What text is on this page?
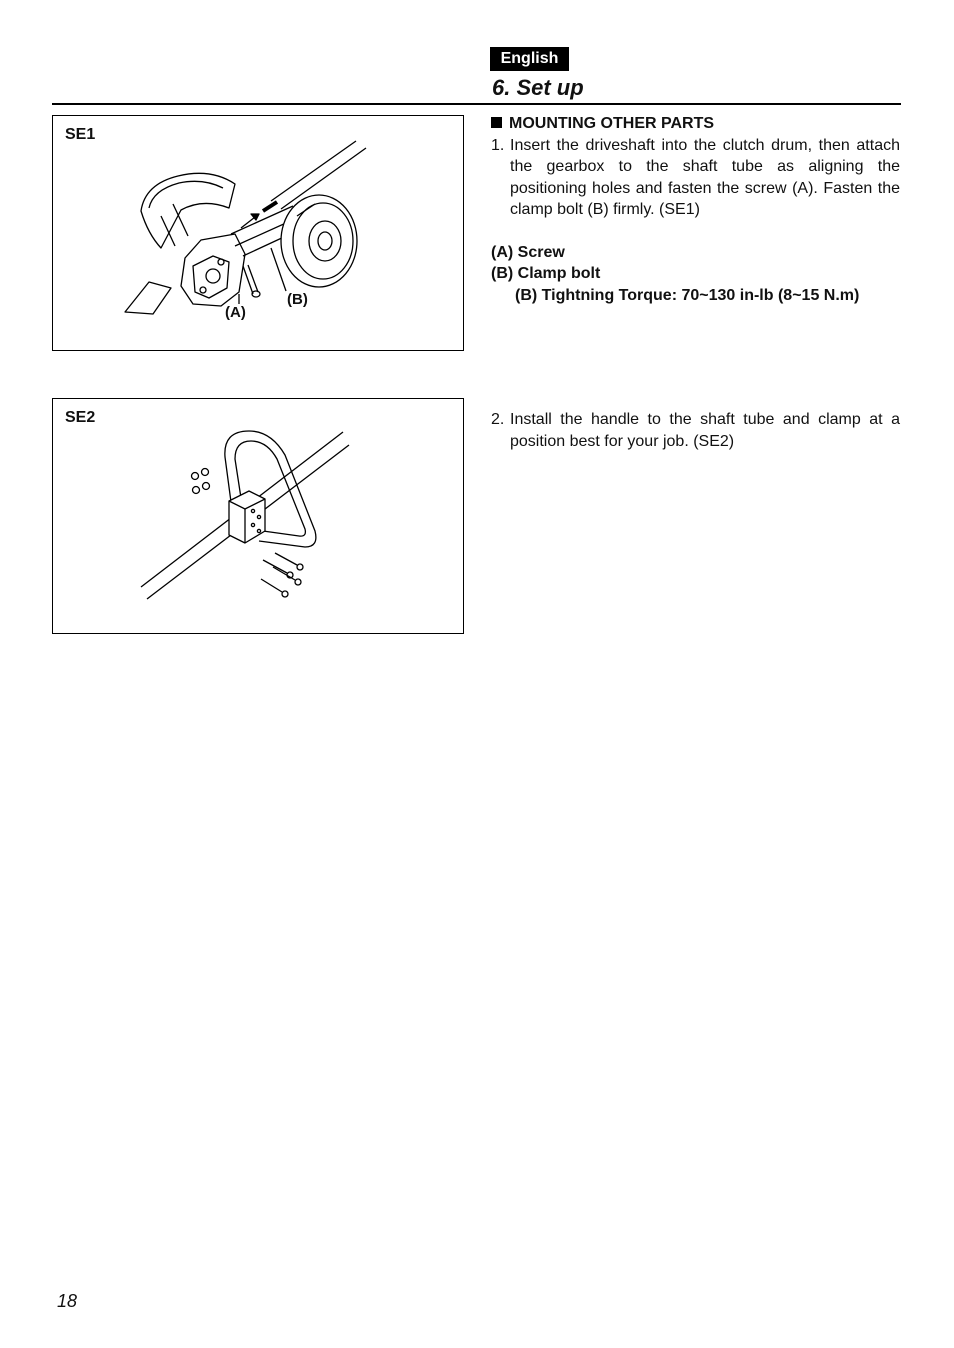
English
6. Set up
SE1
(B)
(A)
SE2
MOUNTING OTHER PARTS
1. Insert the driveshaft into the clutch drum, then attach the gearbox to the shaft tube as aligning the positioning holes and fasten the screw (A). Fasten the clamp bolt (B) firmly. (SE1)
(A) Screw
(B) Clamp bolt
(B) Tightning Torque: 70~130 in-lb (8~15 N.m)
2. Install the handle to the shaft tube and clamp at a position best for your job. (SE2)
18
